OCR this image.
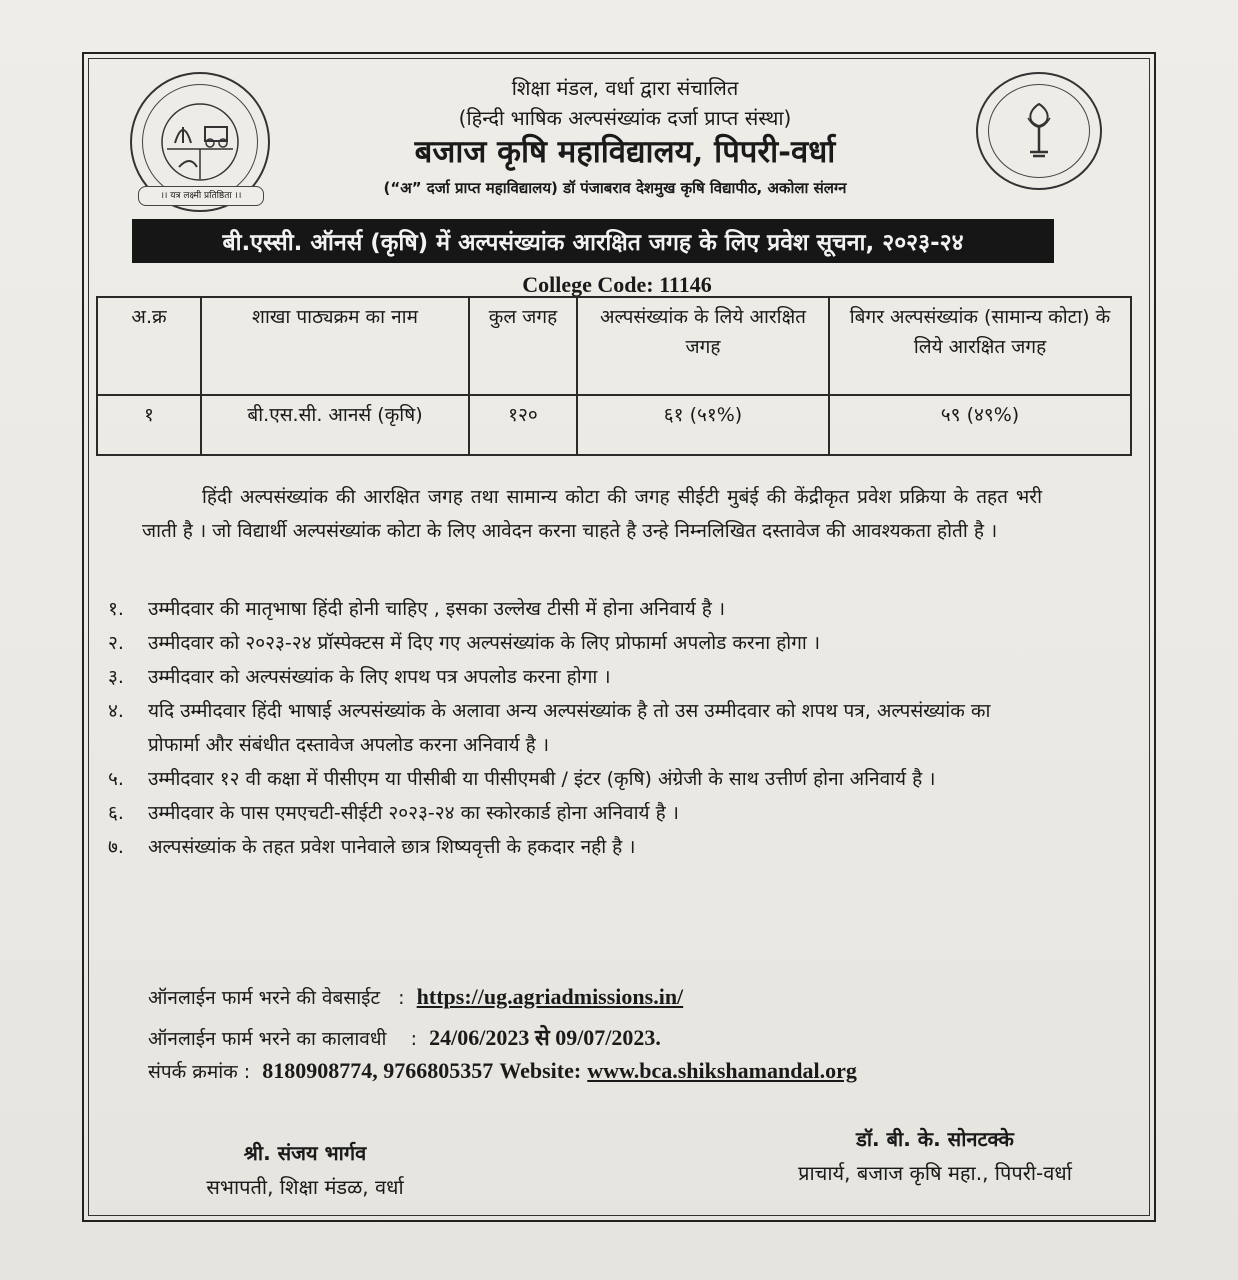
।। यत्र लक्ष्मी प्रतिष्ठिता ।।
शिक्षा मंडल, वर्धा द्वारा संचालित
(हिन्दी भाषिक अल्पसंख्यांक दर्जा प्राप्त संस्था)
बजाज कृषि महाविद्यालय, पिपरी-वर्धा
(“अ” दर्जा प्राप्त महाविद्यालय) डॉ पंजाबराव देशमुख कृषि विद्यापीठ, अकोला संलग्न
बी.एस्सी. ऑनर्स (कृषि) में अल्पसंख्यांक आरक्षित जगह के लिए प्रवेश सूचना, २०२३-२४
College Code: 11146
अ.क्र	शाखा पाठ्यक्रम का नाम	कुल जगह	अल्पसंख्यांक के लिये आरक्षित जगह	बिगर अल्पसंख्यांक (सामान्य कोटा) के लिये आरक्षित जगह
१	बी.एस.सी. आनर्स (कृषि)	१२०	६१ (५१%)	५९ (४९%)
हिंदी अल्पसंख्यांक की आरक्षित जगह तथा सामान्य कोटा की जगह सीईटी मुबंई की केंद्रीकृत प्रवेश प्रक्रिया के तहत भरी जाती है । जो विद्यार्थी अल्पसंख्यांक कोटा के लिए आवेदन करना चाहते है उन्हे निम्नलिखित दस्तावेज की आवश्यकता होती है ।
१. उम्मीदवार की मातृभाषा हिंदी होनी चाहिए , इसका उल्लेख टीसी में होना अनिवार्य है ।
२. उम्मीदवार को २०२३-२४ प्रॉस्पेक्टस में दिए गए अल्पसंख्यांक के लिए प्रोफार्मा अपलोड करना होगा ।
३. उम्मीदवार को अल्पसंख्यांक के लिए शपथ पत्र अपलोड करना होगा ।
४. यदि उम्मीदवार हिंदी भाषाई अल्पसंख्यांक के अलावा अन्य अल्पसंख्यांक है तो उस उम्मीदवार को शपथ पत्र, अल्पसंख्यांक का प्रोफार्मा और संबंधीत दस्तावेज अपलोड करना अनिवार्य है ।
५. उम्मीदवार १२ वी कक्षा में पीसीएम या पीसीबी या पीसीएमबी / इंटर (कृषि) अंग्रेजी के साथ उत्तीर्ण होना अनिवार्य है ।
६. उम्मीदवार के पास एमएचटी-सीईटी २०२३-२४ का स्कोरकार्ड होना अनिवार्य है ।
७. अल्पसंख्यांक के तहत प्रवेश पानेवाले छात्र शिष्यवृत्ती के हकदार नही है ।
ऑनलाईन फार्म भरने की वेबसाईट : https://ug.agriadmissions.in/
ऑनलाईन फार्म भरने का कालावधी : 24/06/2023 से 09/07/2023.
संपर्क क्रमांक : 8180908774, 9766805357 Website: www.bca.shikshamandal.org
श्री. संजय भार्गव
सभापती, शिक्षा मंडळ, वर्धा
डॉ. बी. के. सोनटक्के
प्राचार्य, बजाज कृषि महा., पिपरी-वर्धा
